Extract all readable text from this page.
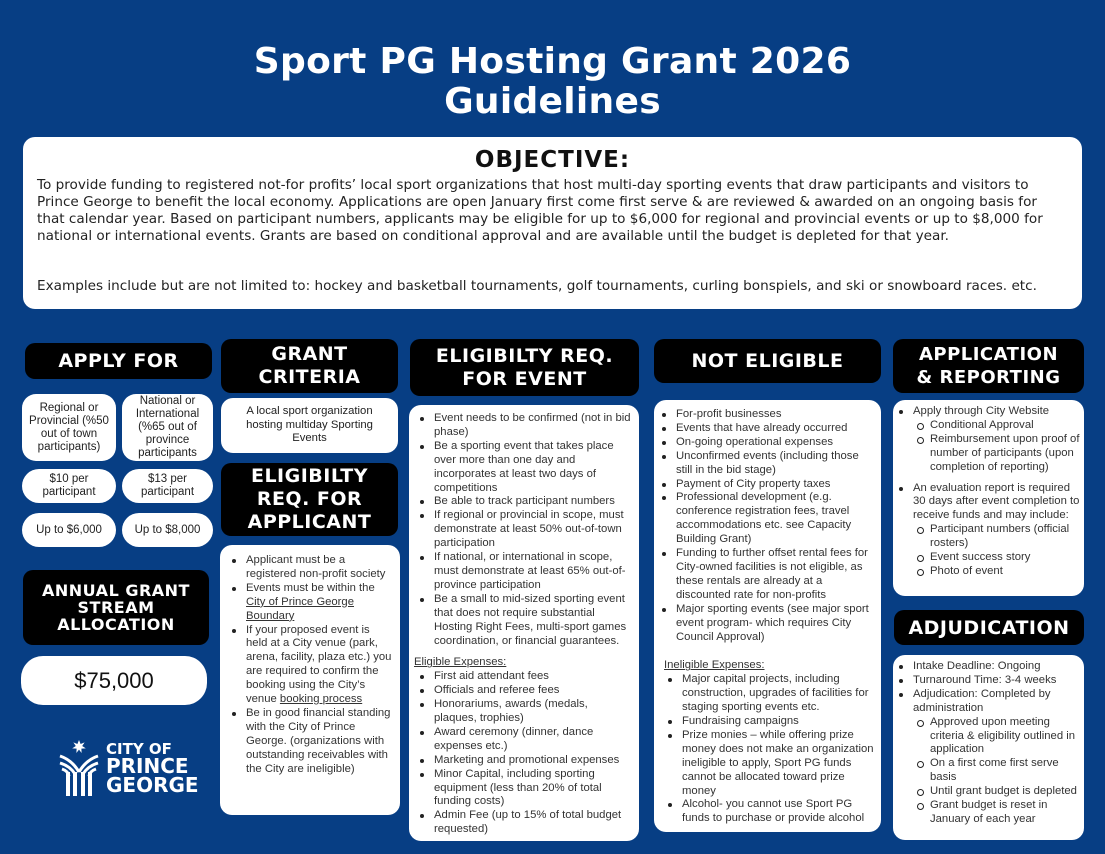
Sport PG Hosting Grant 2026
Guidelines
OBJECTIVE:

To provide funding to registered not-for profits’ local sport organizations that host multi-day sporting events that draw participants and visitors to Prince George to benefit the local economy. Applications are open January first come first serve & are reviewed & awarded on an ongoing basis for that calendar year. Based on participant numbers, applicants may be eligible for up to $6,000 for regional and provincial events or up to $8,000 for national or international events. Grants are based on conditional approval and are available until the budget is depleted for that year.

Examples include but are not limited to: hockey and basketball tournaments, golf tournaments, curling bonspiels, and ski or snowboard races. etc.

APPLY FOR
Regional or Provincial (%50 out of town participants)
National or International (%65 out of province participants
$10 per participant
$13 per participant
Up to $6,000	Up to $8,000
ANNUAL GRANT STREAM ALLOCATION
$75,000
CITY OF
PRINCE
GEORGE
GRANT
CRITERIA
A local sport organization hosting multiday Sporting Events
ELIGIBILTY
REQ. FOR
APPLICANT
Applicant must be a registered non-profit society
Events must be within the City of Prince George Boundary
If your proposed event is held at a City venue (park, arena, facility, plaza etc.) you are required to confirm the booking using the City’s venue booking process
Be in good financial standing with the City of Prince George. (organizations with outstanding receivables with the City are ineligible)
ELIGIBILTY REQ.
FOR EVENT
Event needs to be confirmed (not in bid phase)
Be a sporting event that takes place over more than one day and incorporates at least two days of competitions
Be able to track participant numbers
If regional or provincial in scope, must demonstrate at least 50% out-of-town participation
If national, or international in scope, must demonstrate at least 65% out-of-province participation
Be a small to mid-sized sporting event that does not require substantial Hosting Right Fees, multi-sport games coordination, or financial guarantees.
Eligible Expenses:
First aid attendant fees
Officials and referee fees
Honorariums, awards (medals, plaques, trophies)
Award ceremony (dinner, dance expenses etc.)
Marketing and promotional expenses
Minor Capital, including sporting equipment (less than 20% of total funding costs)
Admin Fee (up to 15% of total budget requested)
NOT ELIGIBLE
For-profit businesses
Events that have already occurred
On-going operational expenses
Unconfirmed events (including those still in the bid stage)
Payment of City property taxes
Professional development (e.g. conference registration fees, travel accommodations etc. see Capacity Building Grant)
Funding to further offset rental fees for City-owned facilities is not eligible, as these rentals are already at a discounted rate for non-profits
Major sporting events (see major sport event program- which requires City Council Approval)
Ineligible Expenses:
Major capital projects, including construction, upgrades of facilities for staging sporting events etc.
Fundraising campaigns
Prize monies – while offering prize money does not make an organization ineligible to apply, Sport PG funds cannot be allocated toward prize money
Alcohol- you cannot use Sport PG funds to purchase or provide alcohol
APPLICATION
& REPORTING
Apply through City Website
Conditional Approval
Reimbursement upon proof of number of participants (upon completion of reporting)
An evaluation report is required 30 days after event completion to receive funds and may include:
Participant numbers (official rosters)
Event success story
Photo of event
ADJUDICATION
Intake Deadline: Ongoing
Turnaround Time: 3-4 weeks
Adjudication: Completed by administration
Approved upon meeting criteria & eligibility outlined in application
On a first come first serve basis
Until grant budget is depleted
Grant budget is reset in January of each year
